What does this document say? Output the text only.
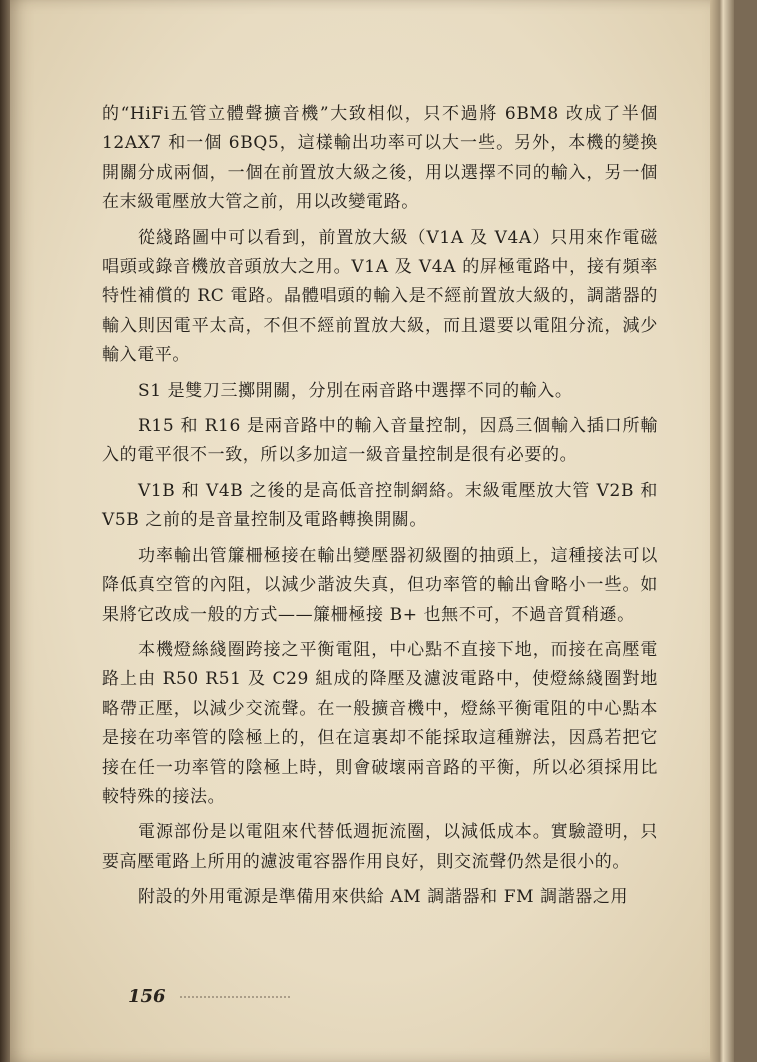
的“HiFi五管立體聲擴音機”大致相似，只不過將 6BM8 改成了半個 12AX7 和一個 6BQ5，這樣輸出功率可以大一些。另外，本機的變換開關分成兩個，一個在前置放大級之後，用以選擇不同的輸入，另一個在末級電壓放大管之前，用以改變電路。

從綫路圖中可以看到，前置放大級（V1A 及 V4A）只用來作電磁唱頭或錄音機放音頭放大之用。V1A 及 V4A 的屏極電路中，接有頻率特性補償的 RC 電路。晶體唱頭的輸入是不經前置放大級的，調諧器的輸入則因電平太高，不但不經前置放大級，而且還要以電阻分流，減少輸入電平。

S1 是雙刀三擲開關，分別在兩音路中選擇不同的輸入。

R15 和 R16 是兩音路中的輸入音量控制，因爲三個輸入插口所輸入的電平很不一致，所以多加這一級音量控制是很有必要的。

V1B 和 V4B 之後的是高低音控制網絡。末級電壓放大管 V2B 和 V5B 之前的是音量控制及電路轉換開關。

功率輸出管簾柵極接在輸出變壓器初級圈的抽頭上，這種接法可以降低真空管的內阻，以減少諧波失真，但功率管的輸出會略小一些。如果將它改成一般的方式——簾柵極接 B+ 也無不可，不過音質稍遜。

本機燈絲綫圈跨接之平衡電阻，中心點不直接下地，而接在高壓電路上由 R50 R51 及 C29 組成的降壓及濾波電路中，使燈絲綫圈對地略帶正壓，以減少交流聲。在一般擴音機中，燈絲平衡電阻的中心點本是接在功率管的陰極上的，但在這裏却不能採取這種辦法，因爲若把它接在任一功率管的陰極上時，則會破壞兩音路的平衡，所以必須採用比較特殊的接法。

電源部份是以電阻來代替低週扼流圈，以減低成本。實驗證明，只要高壓電路上所用的濾波電容器作用良好，則交流聲仍然是很小的。

附設的外用電源是準備用來供給 AM 調諧器和 FM 調諧器之用

156
